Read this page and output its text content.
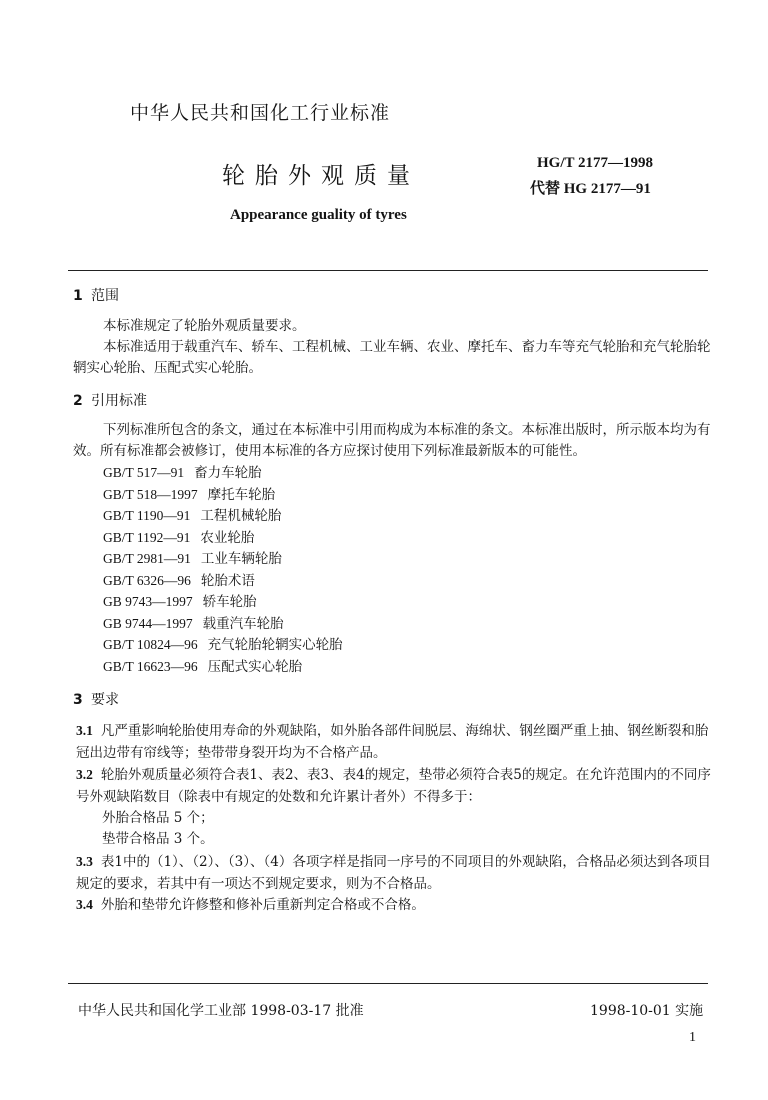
中华人民共和国化工行业标准
轮胎外观质量	HG/T 2177—1998
代替 HG 2177—91
Appearance guality of tyres
1 范围
本标准规定了轮胎外观质量要求。
本标准适用于载重汽车、轿车、工程机械、工业车辆、农业、摩托车、畜力车等充气轮胎和充气轮胎轮辋实心轮胎、压配式实心轮胎。
2 引用标准
下列标准所包含的条文，通过在本标准中引用而构成为本标准的条文。本标准出版时，所示版本均为有效。所有标准都会被修订，使用本标准的各方应探讨使用下列标准最新版本的可能性。
GB/T 517—91 畜力车轮胎
GB/T 518—1997 摩托车轮胎
GB/T 1190—91 工程机械轮胎
GB/T 1192—91 农业轮胎
GB/T 2981—91 工业车辆轮胎
GB/T 6326—96 轮胎术语
GB 9743—1997 轿车轮胎
GB 9744—1997 载重汽车轮胎
GB/T 10824—96 充气轮胎轮辋实心轮胎
GB/T 16623—96 压配式实心轮胎
3 要求
3.1 凡严重影响轮胎使用寿命的外观缺陷，如外胎各部件间脱层、海绵状、钢丝圈严重上抽、钢丝断裂和胎冠出边带有帘线等；垫带带身裂开均为不合格产品。
3.2 轮胎外观质量必须符合表1、表2、表3、表4的规定，垫带必须符合表5的规定。在允许范围内的不同序号外观缺陷数目（除表中有规定的处数和允许累计者外）不得多于：
外胎合格品 5 个；
垫带合格品 3 个。
3.3 表1中的（1）、（2）、（3）、（4）各项字样是指同一序号的不同项目的外观缺陷，合格品必须达到各项目规定的要求，若其中有一项达不到规定要求，则为不合格品。
3.4 外胎和垫带允许修整和修补后重新判定合格或不合格。
中华人民共和国化学工业部 1998-03-17 批准	1998-10-01 实施
1
